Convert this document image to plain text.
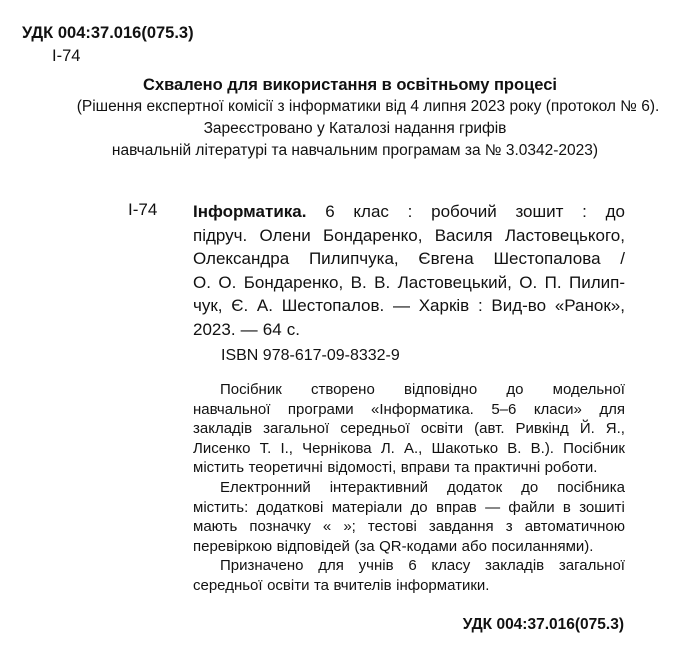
УДК 004:37.016(075.3)
І-74
Схвалено для використання в освітньому процесі
(Рішення експертної комісії з інформатики від 4 липня 2023 року (протокол № 6).
Зареєстровано у Каталозі надання грифів
навчальній літературі та навчальним програмам за № 3.0342-2023)
І-74 Інформатика. 6 клас : робочий зошит : до
підруч. Олени Бондаренко, Василя Ластовецького,
Олександра Пилипчука, Євгена Шестопалова /
О. О. Бондаренко, В. В. Ластовецький, О. П. Пилип-
чук, Є. А. Шестопалов. — Харків : Вид-во «Ранок»,
2023. — 64 с.
ISBN 978-617-09-8332-9
Посібник створено відповідно до модельної
навчальної програми «Інформатика. 5–6 класи» для
закладів загальної середньої освіти (авт. Ривкінд Й. Я.,
Лисенко Т. І., Чернікова Л. А., Шакотько В. В.). Посібник
містить теоретичні відомості, вправи та практичні роботи.
Електронний інтерактивний додаток до посібника
містить: додаткові матеріали до вправ — файли в зошиті
мають позначку « »; тестові завдання з автоматичною
перевіркою відповідей (за QR-кодами або посиланнями).
Призначено для учнів 6 класу закладів загальної
середньої освіти та вчителів інформатики.
УДК 004:37.016(075.3)
